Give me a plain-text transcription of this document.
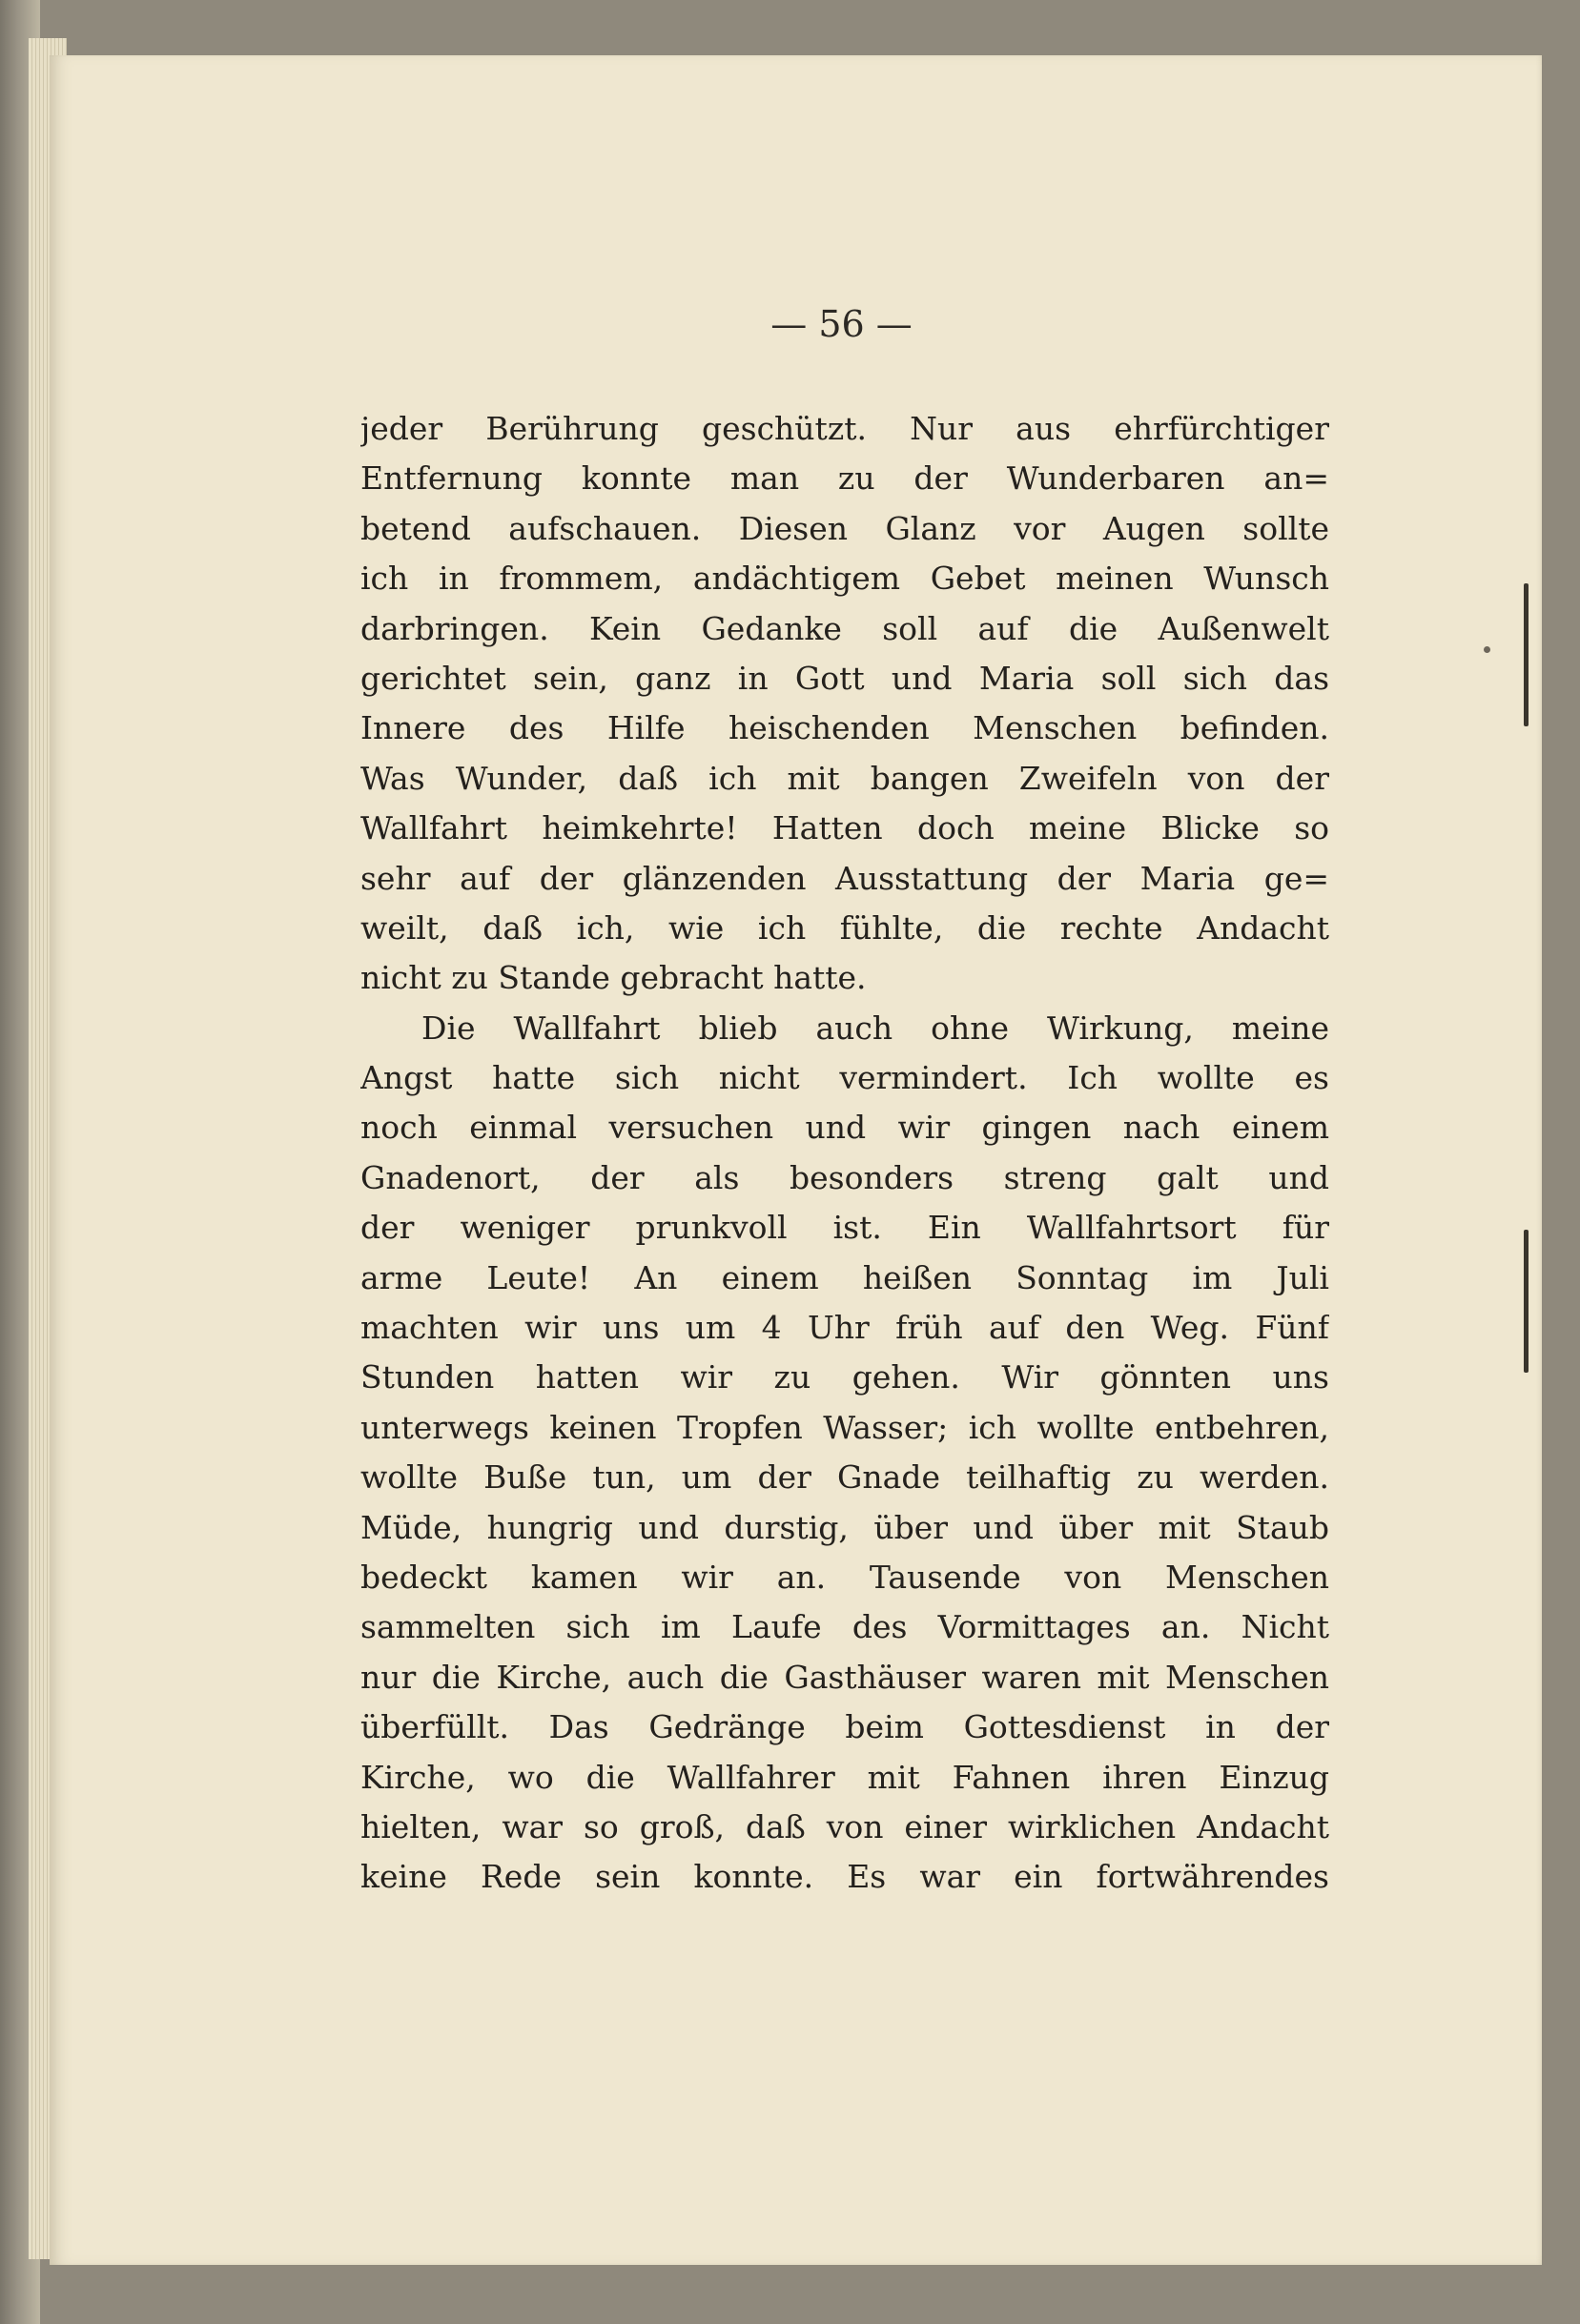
— 56 —
jeder Berührung geschützt. Nur aus ehrfürchtiger
Entfernung konnte man zu der Wunderbaren an=
betend aufschauen. Diesen Glanz vor Augen sollte
ich in frommem, andächtigem Gebet meinen Wunsch
darbringen. Kein Gedanke soll auf die Außenwelt
gerichtet sein, ganz in Gott und Maria soll sich das
Innere des Hilfe heischenden Menschen befinden.
Was Wunder, daß ich mit bangen Zweifeln von der
Wallfahrt heimkehrte! Hatten doch meine Blicke so
sehr auf der glänzenden Ausstattung der Maria ge=
weilt, daß ich, wie ich fühlte, die rechte Andacht
nicht zu Stande gebracht hatte.
Die Wallfahrt blieb auch ohne Wirkung, meine
Angst hatte sich nicht vermindert. Ich wollte es
noch einmal versuchen und wir gingen nach einem
Gnadenort, der als besonders streng galt und
der weniger prunkvoll ist. Ein Wallfahrtsort für
arme Leute! An einem heißen Sonntag im Juli
machten wir uns um 4 Uhr früh auf den Weg. Fünf
Stunden hatten wir zu gehen. Wir gönnten uns
unterwegs keinen Tropfen Wasser; ich wollte entbehren,
wollte Buße tun, um der Gnade teilhaftig zu werden.
Müde, hungrig und durstig, über und über mit Staub
bedeckt kamen wir an. Tausende von Menschen
sammelten sich im Laufe des Vormittages an. Nicht
nur die Kirche, auch die Gasthäuser waren mit Menschen
überfüllt. Das Gedränge beim Gottesdienst in der
Kirche, wo die Wallfahrer mit Fahnen ihren Einzug
hielten, war so groß, daß von einer wirklichen Andacht
keine Rede sein konnte. Es war ein fortwährendes
